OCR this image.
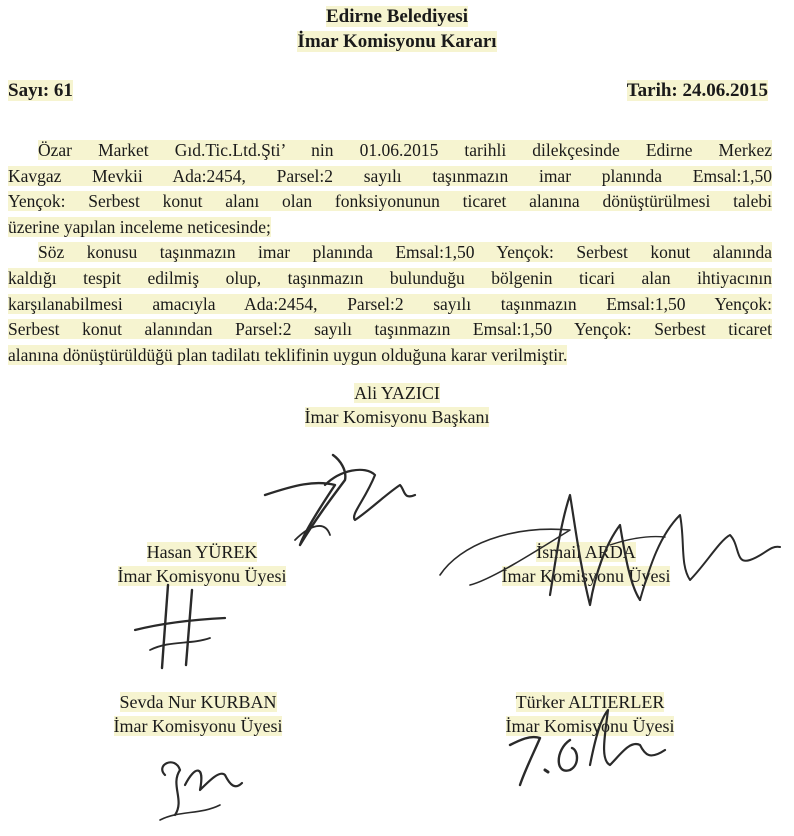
Edirne Belediyesi
İmar Komisyonu Kararı
Sayı: 61	Tarih: 24.06.2015
Özar Market Gıd.Tic.Ltd.Şti’ nin 01.06.2015 tarihli dilekçesinde Edirne Merkez
Kavgaz Mevkii Ada:2454, Parsel:2 sayılı taşınmazın imar planında Emsal:1,50
Yençok: Serbest konut alanı olan fonksiyonunun ticaret alanına dönüştürülmesi talebi
üzerine yapılan inceleme neticesinde;
Söz konusu taşınmazın imar planında Emsal:1,50 Yençok: Serbest konut alanında
kaldığı tespit edilmiş olup, taşınmazın bulunduğu bölgenin ticari alan ihtiyacının
karşılanabilmesi amacıyla Ada:2454, Parsel:2 sayılı taşınmazın Emsal:1,50 Yençok:
Serbest konut alanından Parsel:2 sayılı taşınmazın Emsal:1,50 Yençok: Serbest ticaret
alanına dönüştürüldüğü plan tadilatı teklifinin uygun olduğuna karar verilmiştir.
Ali YAZICI
İmar Komisyonu Başkanı
Hasan YÜREK
İmar Komisyonu Üyesi
İsmail ARDA
İmar Komisyonu Üyesi
Sevda Nur KURBAN
İmar Komisyonu Üyesi
Türker ALTIERLER
İmar Komisyonu Üyesi
